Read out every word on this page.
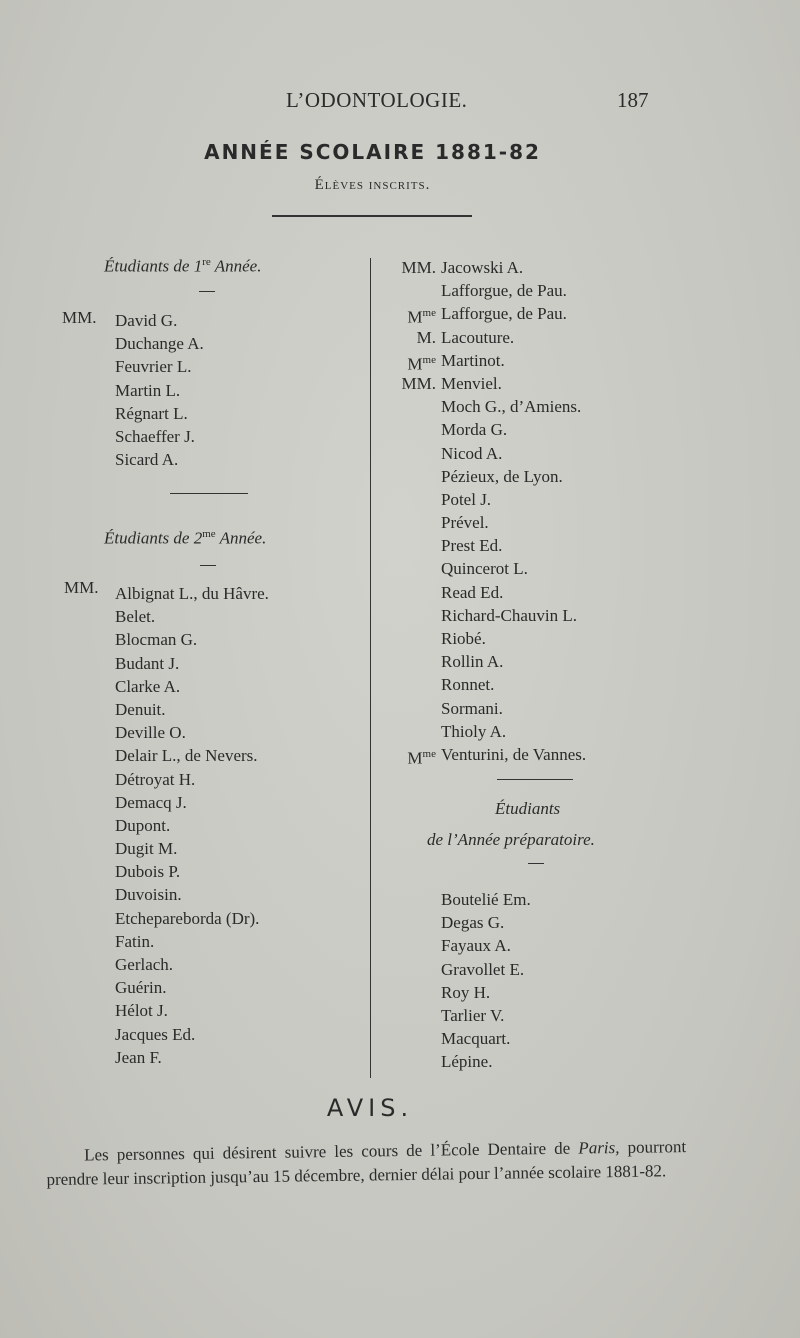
L’ODONTOLOGIE.	187
ANNÉE SCOLAIRE 1881-82
Élèves inscrits.
Étudiants de 1re Année.
MM. David G.
Duchange A.
Feuvrier L.
Martin L.
Régnart L.
Schaeffer J.
Sicard A.
Étudiants de $2^{me}$ Année.
MM. Albignat L., du Hâvre.
Belet.
Blocman G.
Budant J.
Clarke A.
Denuit.
Deville O.
Delair L., de Nevers.
Détroyat H.
Demacq J.
Dupont.
Dugit M.
Dubois P.
Duvoisin.
Etchepareborda (Dr).
Fatin.
Gerlach.
Guérin.
Hélot J.
Jacques Ed.
Jean F.
MM. Jacowski A.
Lafforgue, de Pau.
$M^{me}$ Lafforgue, de Pau.
M. Lacouture.
$M^{me}$ Martinot.
MM. Menviel.
Moch G., d’Amiens.
Morda G.
Nicod A.
Pézieux, de Lyon.
Potel J.
Prével.
Prest Ed.
Quincerot L.
Read Ed.
Richard-Chauvin L.
Riobé.
Rollin A.
Ronnet.
Sormani.
Thioly A.
$M^{me}$ Venturini, de Vannes.
Étudiants
de l’Année préparatoire.
Boutelié Em.
Degas G.
Fayaux A.
Gravollet E.
Roy H.
Tarlier V.
Macquart.
Lépine.
AVIS.

Les personnes qui désirent suivre les cours de l’École Dentaire de Paris, pourront prendre leur inscription jusqu’au 15 décembre, dernier délai pour l’année scolaire 1881-82.
